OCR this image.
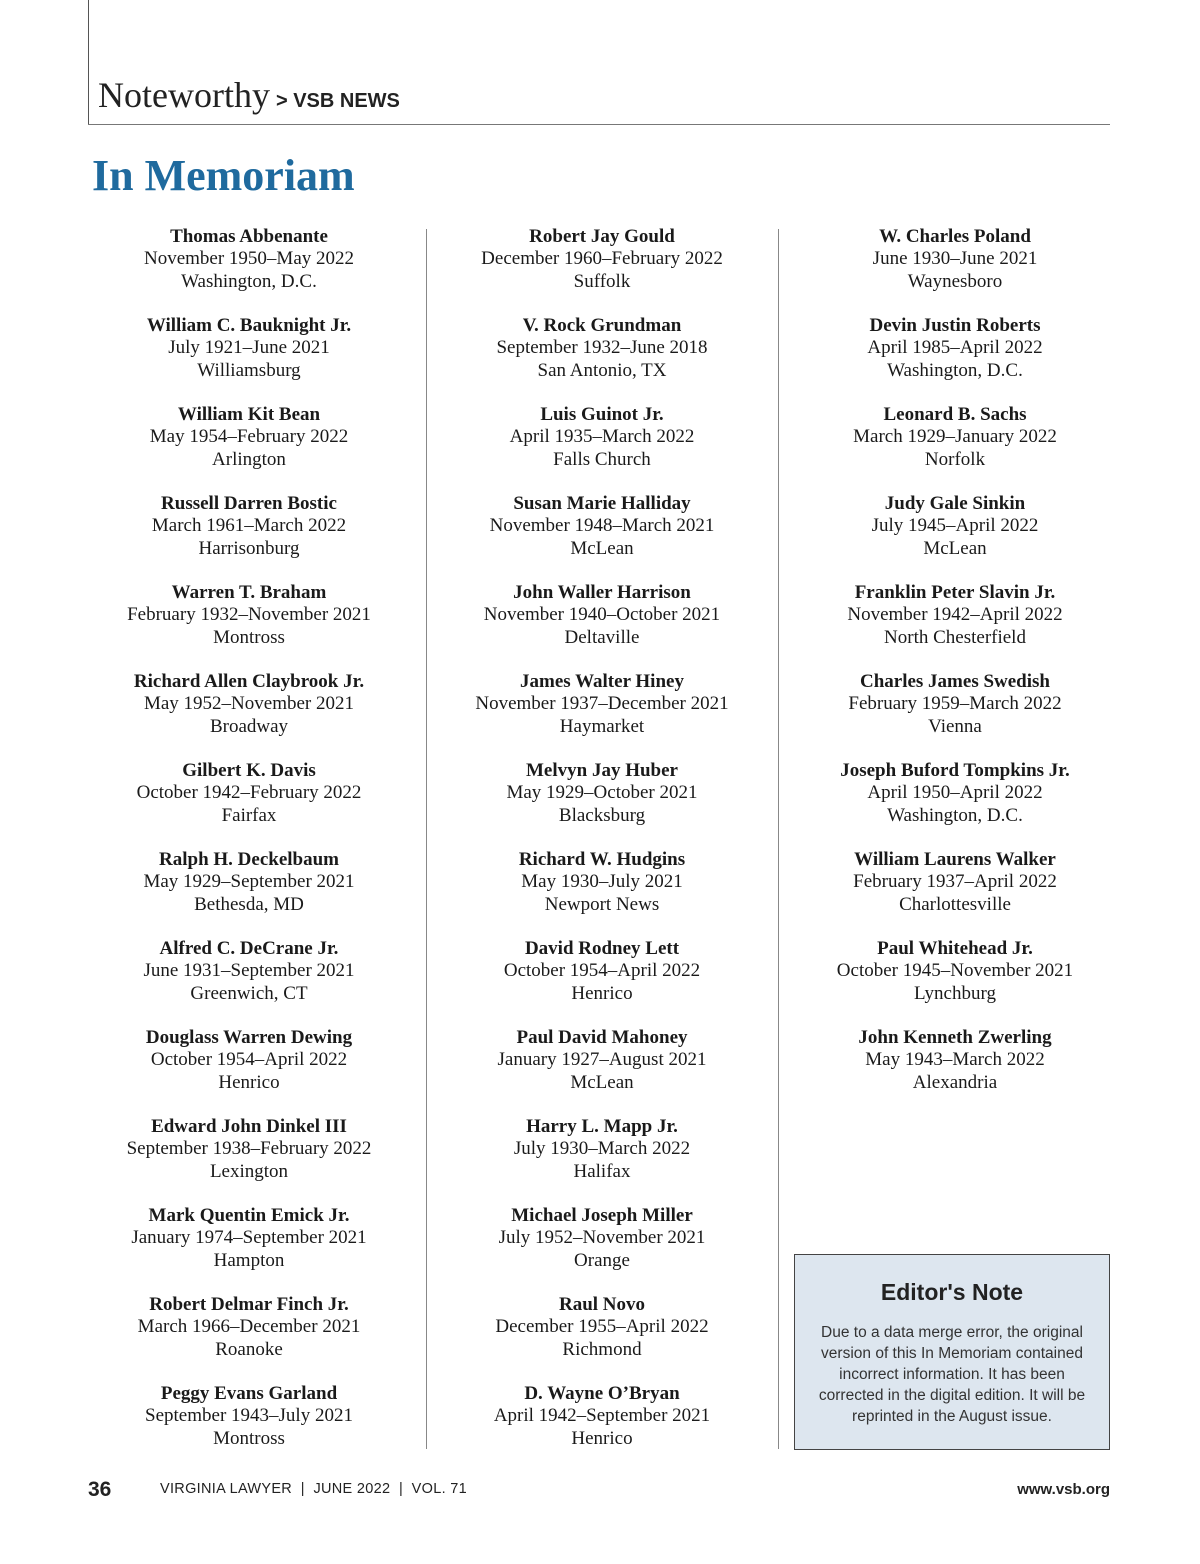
Noteworthy > VSB NEWS
In Memoriam
Thomas Abbenante
November 1950–May 2022
Washington, D.C.
William C. Bauknight Jr.
July 1921–June 2021
Williamsburg
William Kit Bean
May 1954–February 2022
Arlington
Russell Darren Bostic
March 1961–March 2022
Harrisonburg
Warren T. Braham
February 1932–November 2021
Montross
Richard Allen Claybrook Jr.
May 1952–November 2021
Broadway
Gilbert K. Davis
October 1942–February 2022
Fairfax
Ralph H. Deckelbaum
May 1929–September 2021
Bethesda, MD
Alfred C. DeCrane Jr.
June 1931–September 2021
Greenwich, CT
Douglass Warren Dewing
October 1954–April 2022
Henrico
Edward John Dinkel III
September 1938–February 2022
Lexington
Mark Quentin Emick Jr.
January 1974–September 2021
Hampton
Robert Delmar Finch Jr.
March 1966–December 2021
Roanoke
Peggy Evans Garland
September 1943–July 2021
Montross
Robert Jay Gould
December 1960–February 2022
Suffolk
V. Rock Grundman
September 1932–June 2018
San Antonio, TX
Luis Guinot Jr.
April 1935–March 2022
Falls Church
Susan Marie Halliday
November 1948–March 2021
McLean
John Waller Harrison
November 1940–October 2021
Deltaville
James Walter Hiney
November 1937–December 2021
Haymarket
Melvyn Jay Huber
May 1929–October 2021
Blacksburg
Richard W. Hudgins
May 1930–July 2021
Newport News
David Rodney Lett
October 1954–April 2022
Henrico
Paul David Mahoney
January 1927–August 2021
McLean
Harry L. Mapp Jr.
July 1930–March 2022
Halifax
Michael Joseph Miller
July 1952–November 2021
Orange
Raul Novo
December 1955–April 2022
Richmond
D. Wayne O’Bryan
April 1942–September 2021
Henrico
W. Charles Poland
June 1930–June 2021
Waynesboro
Devin Justin Roberts
April 1985–April 2022
Washington, D.C.
Leonard B. Sachs
March 1929–January 2022
Norfolk
Judy Gale Sinkin
July 1945–April 2022
McLean
Franklin Peter Slavin Jr.
November 1942–April 2022
North Chesterfield
Charles James Swedish
February 1959–March 2022
Vienna
Joseph Buford Tompkins Jr.
April 1950–April 2022
Washington, D.C.
William Laurens Walker
February 1937–April 2022
Charlottesville
Paul Whitehead Jr.
October 1945–November 2021
Lynchburg
John Kenneth Zwerling
May 1943–March 2022
Alexandria
Editor's Note
Due to a data merge error, the original version of this In Memoriam contained incorrect information. It has been corrected in the digital edition. It will be reprinted in the August issue.
36	VIRGINIA LAWYER  |  JUNE 2022  |  VOL. 71	www.vsb.org
